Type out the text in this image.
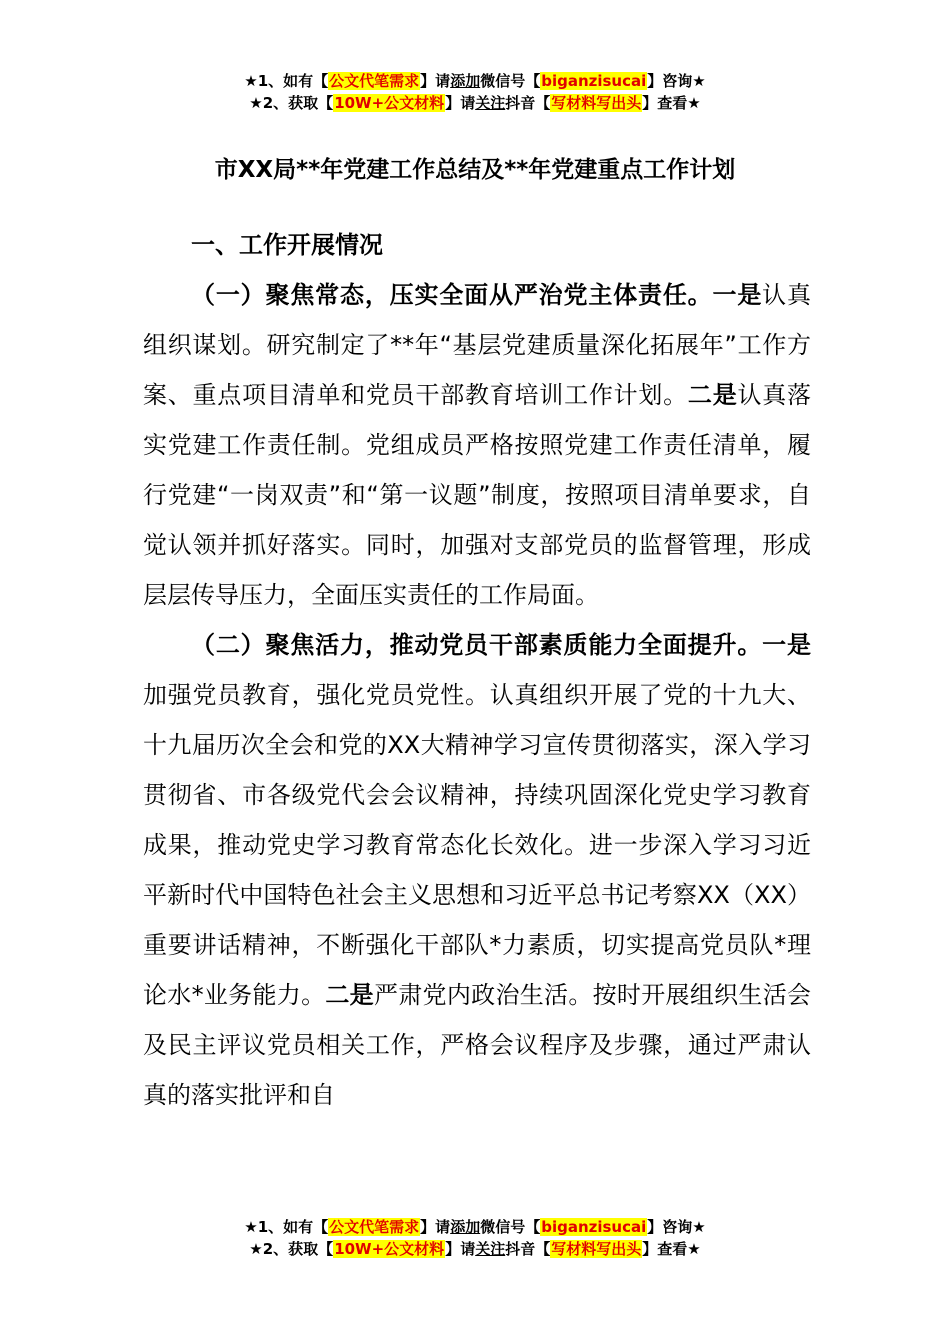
★1、如有【公文代笔需求】请添加微信号【biganzisucai】咨询★
★2、获取【10W+公文材料】请关注抖音【写材料写出头】查看★
市XX局**年党建工作总结及**年党建重点工作计划
一、工作开展情况
（一）聚焦常态，压实全面从严治党主体责任。一是认真组织谋划。研究制定了**年“基层党建质量深化拓展年”工作方案、重点项目清单和党员干部教育培训工作计划。二是认真落实党建工作责任制。党组成员严格按照党建工作责任清单，履行党建“一岗双责”和“第一议题”制度，按照项目清单要求，自觉认领并抓好落实。同时，加强对支部党员的监督管理，形成层层传导压力，全面压实责任的工作局面。
（二）聚焦活力，推动党员干部素质能力全面提升。一是加强党员教育，强化党员党性。认真组织开展了党的十九大、十九届历次全会和党的XX大精神学习宣传贯彻落实，深入学习贯彻省、市各级党代会会议精神，持续巩固深化党史学习教育成果，推动党史学习教育常态化长效化。进一步深入学习习近平新时代中国特色社会主义思想和习近平总书记考察XX（XX）重要讲话精神，不断强化干部队*力素质，切实提高党员队*理论水*业务能力。二是严肃党内政治生活。按时开展组织生活会及民主评议党员相关工作，严格会议程序及步骤，通过严肃认真的落实批评和自
★1、如有【公文代笔需求】请添加微信号【biganzisucai】咨询★
★2、获取【10W+公文材料】请关注抖音【写材料写出头】查看★
